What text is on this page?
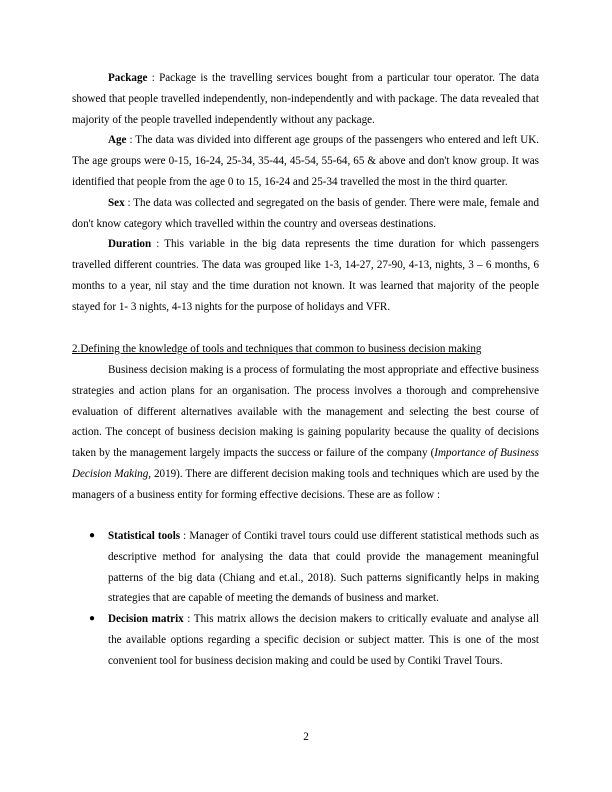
Package : Package is the travelling services bought from a particular tour operator. The data showed that people travelled independently, non-independently and with package. The data revealed that majority of the people travelled independently without any package.

Age : The data was divided into different age groups of the passengers who entered and left UK. The age groups were 0-15, 16-24, 25-34, 35-44, 45-54, 55-64, 65 & above and don't know group. It was identified that people from the age 0 to 15, 16-24 and 25-34 travelled the most in the third quarter.

Sex : The data was collected and segregated on the basis of gender. There were male, female and don't know category which travelled within the country and overseas destinations.

Duration : This variable in the big data represents the time duration for which passengers travelled different countries. The data was grouped like 1-3, 14-27, 27-90, 4-13, nights, 3 – 6 months, 6 months to a year, nil stay and the time duration not known. It was learned that majority of the people stayed for 1- 3 nights, 4-13 nights for the purpose of holidays and VFR.

2.Defining the knowledge of tools and techniques that common to business decision making

Business decision making is a process of formulating the most appropriate and effective business strategies and action plans for an organisation. The process involves a thorough and comprehensive evaluation of different alternatives available with the management and selecting the best course of action. The concept of business decision making is gaining popularity because the quality of decisions taken by the management largely impacts the success or failure of the company (Importance of Business Decision Making, 2019). There are different decision making tools and techniques which are used by the managers of a business entity for forming effective decisions. These are as follow :

● Statistical tools : Manager of Contiki travel tours could use different statistical methods such as descriptive method for analysing the data that could provide the management meaningful patterns of the big data (Chiang and et.al., 2018). Such patterns significantly helps in making strategies that are capable of meeting the demands of business and market.
● Decision matrix : This matrix allows the decision makers to critically evaluate and analyse all the available options regarding a specific decision or subject matter. This is one of the most convenient tool for business decision making and could be used by Contiki Travel Tours.

2
